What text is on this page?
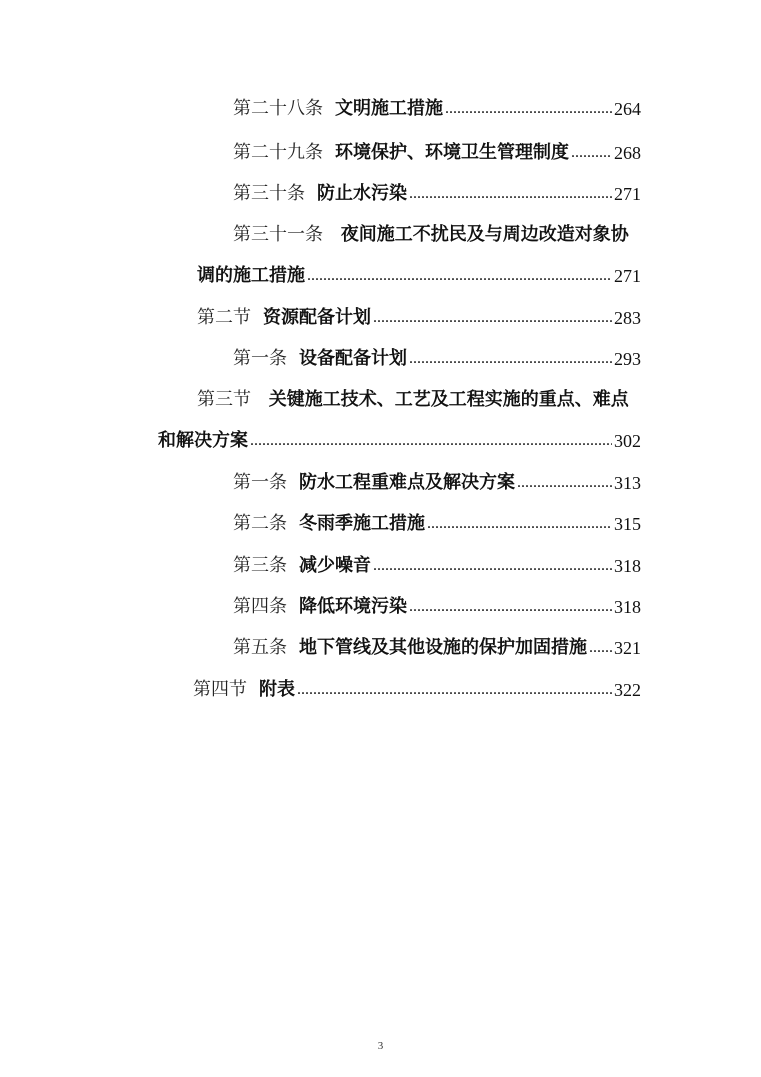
第二十八条 文明施工措施 .....	264
第二十九条 环境保护、环境卫生管理制度 .....	268
第三十条 防止水污染 .....	271
第三十一条 夜间施工不扰民及与周边改造对象协
调的施工措施 .....	271
第二节 资源配备计划 .....	283
第一条 设备配备计划 .....	293
第三节 关键施工技术、工艺及工程实施的重点、难点
和解决方案 .....	302
第一条 防水工程重难点及解决方案 .....	313
第二条 冬雨季施工措施 .....	315
第三条 减少噪音 .....	318
第四条 降低环境污染 .....	318
第五条 地下管线及其他设施的保护加固措施 ..... 321
第四节 附表 .....	322
3
